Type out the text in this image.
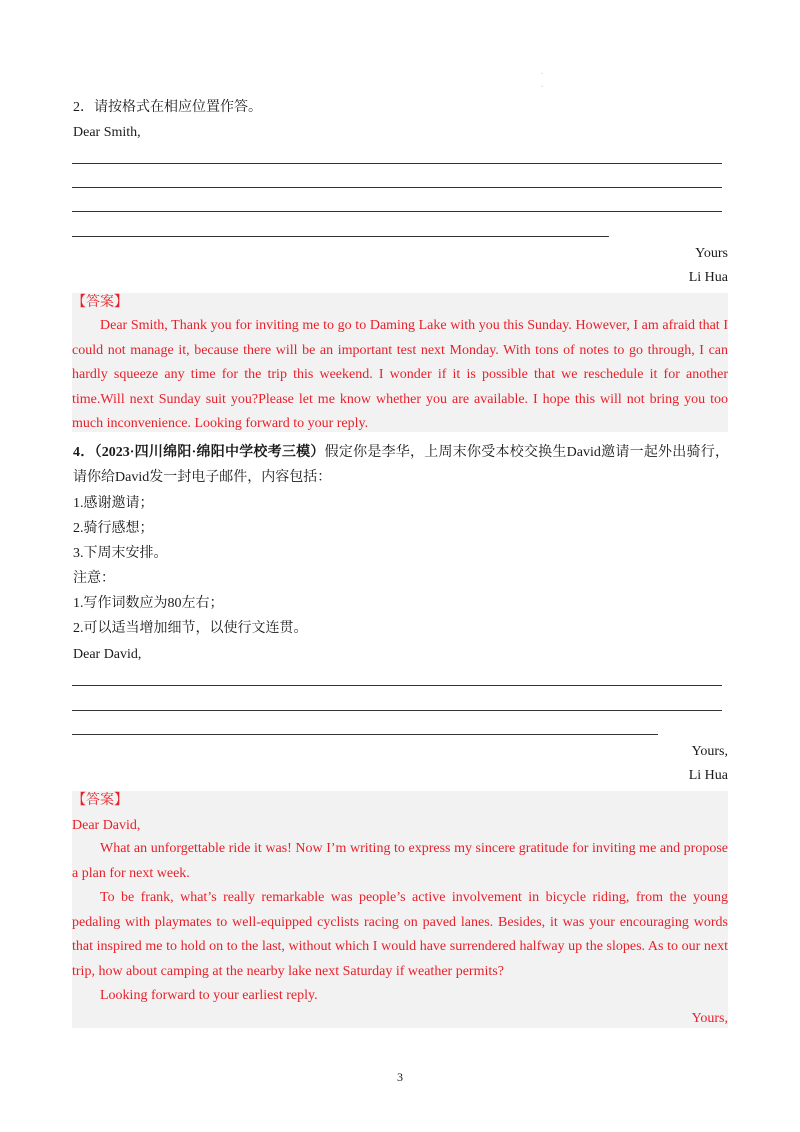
·
·
2．请按格式在相应位置作答。
Dear Smith,
Yours
Li Hua
【答案】
Dear Smith, Thank you for inviting me to go to Daming Lake with you this Sunday. However, I am afraid that I could not manage it, because there will be an important test next Monday. With tons of notes to go through, I can hardly squeeze any time for the trip this weekend. I wonder if it is possible that we reschedule it for another time.Will next Sunday suit you?Please let me know whether you are available. I hope this will not bring you too much inconvenience. Looking forward to your reply.
4．（2023·四川绵阳·绵阳中学校考三模）假定你是李华，上周末你受本校交换生David邀请一起外出骑行，请你给David发一封电子邮件，内容包括：
1.感谢邀请；
2.骑行感想；
3.下周末安排。
注意：
1.写作词数应为80左右；
2.可以适当增加细节，以使行文连贯。
Dear David,
Yours,
Li Hua
【答案】
Dear David,
What an unforgettable ride it was! Now I’m writing to express my sincere gratitude for inviting me and propose a plan for next week.
To be frank, what’s really remarkable was people’s active involvement in bicycle riding, from the young pedaling with playmates to well-equipped cyclists racing on paved lanes. Besides, it was your encouraging words that inspired me to hold on to the last, without which I would have surrendered halfway up the slopes. As to our next trip, how about camping at the nearby lake next Saturday if weather permits?
Looking forward to your earliest reply.
Yours,
3
